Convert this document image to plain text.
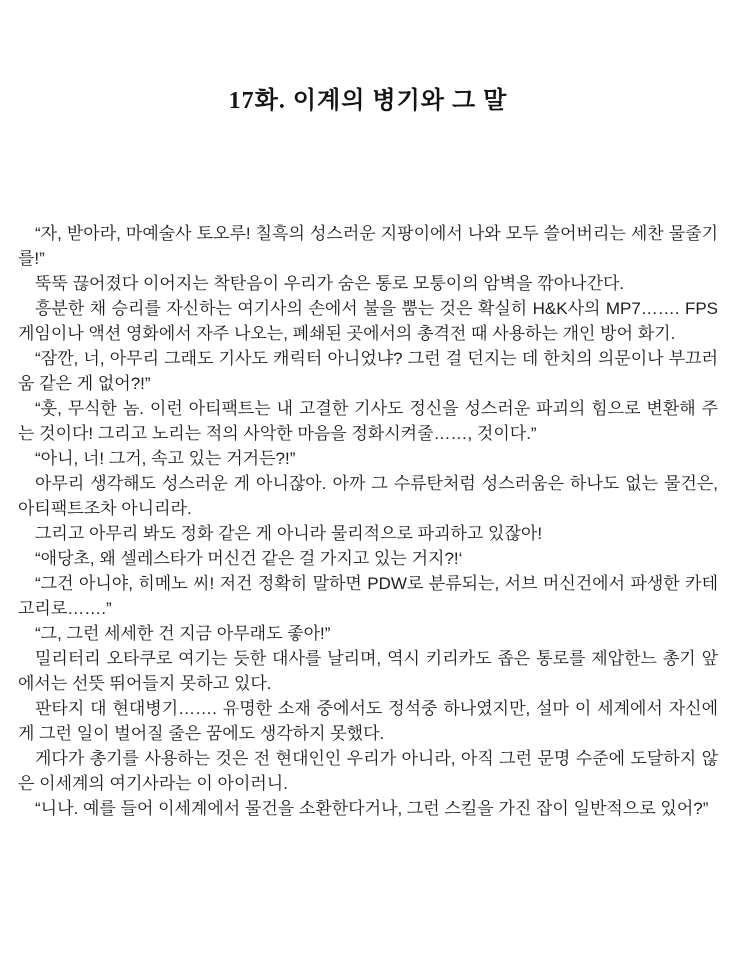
17화. 이계의 병기와 그 말

“자, 받아라, 마예술사 토오루! 칠흑의 성스러운 지팡이에서 나와 모두 쓸어버리는 세찬 물줄기를!”

뚝뚝 끊어졌다 이어지는 착탄음이 우리가 숨은 통로 모퉁이의 암벽을 깎아나간다.

흥분한 채 승리를 자신하는 여기사의 손에서 불을 뿜는 것은 확실히 H&K사의 MP7……. FPS 게임이나 액션 영화에서 자주 나오는, 폐쇄된 곳에서의 총격전 때 사용하는 개인 방어 화기.

“잠깐, 너, 아무리 그래도 기사도 캐릭터 아니었냐? 그런 걸 던지는 데 한치의 의문이나 부끄러움 같은 게 없어?!”

“훗, 무식한 놈. 이런 아티팩트는 내 고결한 기사도 정신을 성스러운 파괴의 힘으로 변환해 주는 것이다! 그리고 노리는 적의 사악한 마음을 정화시켜줄……, 것이다.”

“아니, 너! 그거, 속고 있는 거거든?!”

아무리 생각해도 성스러운 게 아니잖아. 아까 그 수류탄처럼 성스러움은 하나도 없는 물건은, 아티팩트조차 아니리라.

그리고 아무리 봐도 정화 같은 게 아니라 물리적으로 파괴하고 있잖아!

“애당초, 왜 셀레스타가 머신건 같은 걸 가지고 있는 거지?!‘

“그건 아니야, 히메노 씨! 저건 정확히 말하면 PDW로 분류되는, 서브 머신건에서 파생한 카테고리로…….”

“그, 그런 세세한 건 지금 아무래도 좋아!”

밀리터리 오타쿠로 여기는 듯한 대사를 날리며, 역시 키리카도 좁은 통로를 제압한느 총기 앞에서는 선뜻 뛰어들지 못하고 있다.

판타지 대 현대병기……. 유명한 소재 중에서도 정석중 하나였지만, 설마 이 세계에서 자신에게 그런 일이 벌어질 줄은 꿈에도 생각하지 못했다.

게다가 총기를 사용하는 것은 전 현대인인 우리가 아니라, 아직 그런 문명 수준에 도달하지 않은 이세계의 여기사라는 이 아이러니.

“니나. 예를 들어 이세계에서 물건을 소환한다거나, 그런 스킬을 가진 잡이 일반적으로 있어?”
